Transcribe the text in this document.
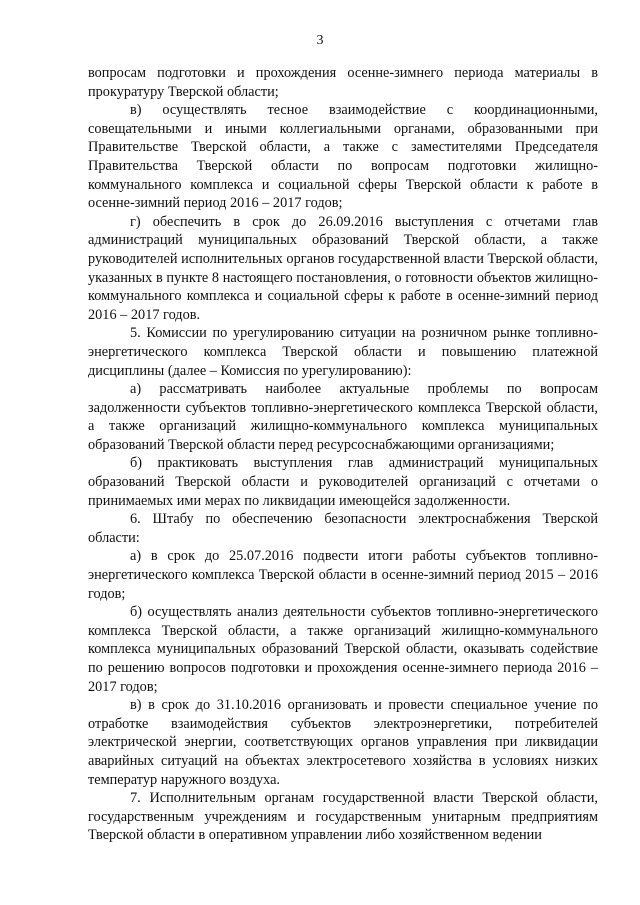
3

вопросам подготовки и прохождения осенне-зимнего периода материалы в прокуратуру Тверской области;

в) осуществлять тесное взаимодействие с координационными, совещательными и иными коллегиальными органами, образованными при Правительстве Тверской области, а также с заместителями Председателя Правительства Тверской области по вопросам подготовки жилищно-коммунального комплекса и социальной сферы Тверской области к работе в осенне-зимний период 2016 – 2017 годов;

г) обеспечить в срок до 26.09.2016 выступления с отчетами глав администраций муниципальных образований Тверской области, а также руководителей исполнительных органов государственной власти Тверской области, указанных в пункте 8 настоящего постановления, о готовности объектов жилищно-коммунального комплекса и социальной сферы к работе в осенне-зимний период 2016 – 2017 годов.

5. Комиссии по урегулированию ситуации на розничном рынке топливно-энергетического комплекса Тверской области и повышению платежной дисциплины (далее – Комиссия по урегулированию):

а) рассматривать наиболее актуальные проблемы по вопросам задолженности субъектов топливно-энергетического комплекса Тверской области, а также организаций жилищно-коммунального комплекса муниципальных образований Тверской области перед ресурсоснабжающими организациями;

б) практиковать выступления глав администраций муниципальных образований Тверской области и руководителей организаций с отчетами о принимаемых ими мерах по ликвидации имеющейся задолженности.

6. Штабу по обеспечению безопасности электроснабжения Тверской области:

а) в срок до 25.07.2016 подвести итоги работы субъектов топливно-энергетического комплекса Тверской области в осенне-зимний период 2015 – 2016 годов;

б) осуществлять анализ деятельности субъектов топливно-энергетического комплекса Тверской области, а также организаций жилищно-коммунального комплекса муниципальных образований Тверской области, оказывать содействие по решению вопросов подготовки и прохождения осенне-зимнего периода 2016 – 2017 годов;

в) в срок до 31.10.2016 организовать и провести специальное учение по отработке взаимодействия субъектов электроэнергетики, потребителей электрической энергии, соответствующих органов управления при ликвидации аварийных ситуаций на объектах электросетевого хозяйства в условиях низких температур наружного воздуха.

7. Исполнительным органам государственной власти Тверской области, государственным учреждениям и государственным унитарным предприятиям Тверской области в оперативном управлении либо хозяйственном ведении
